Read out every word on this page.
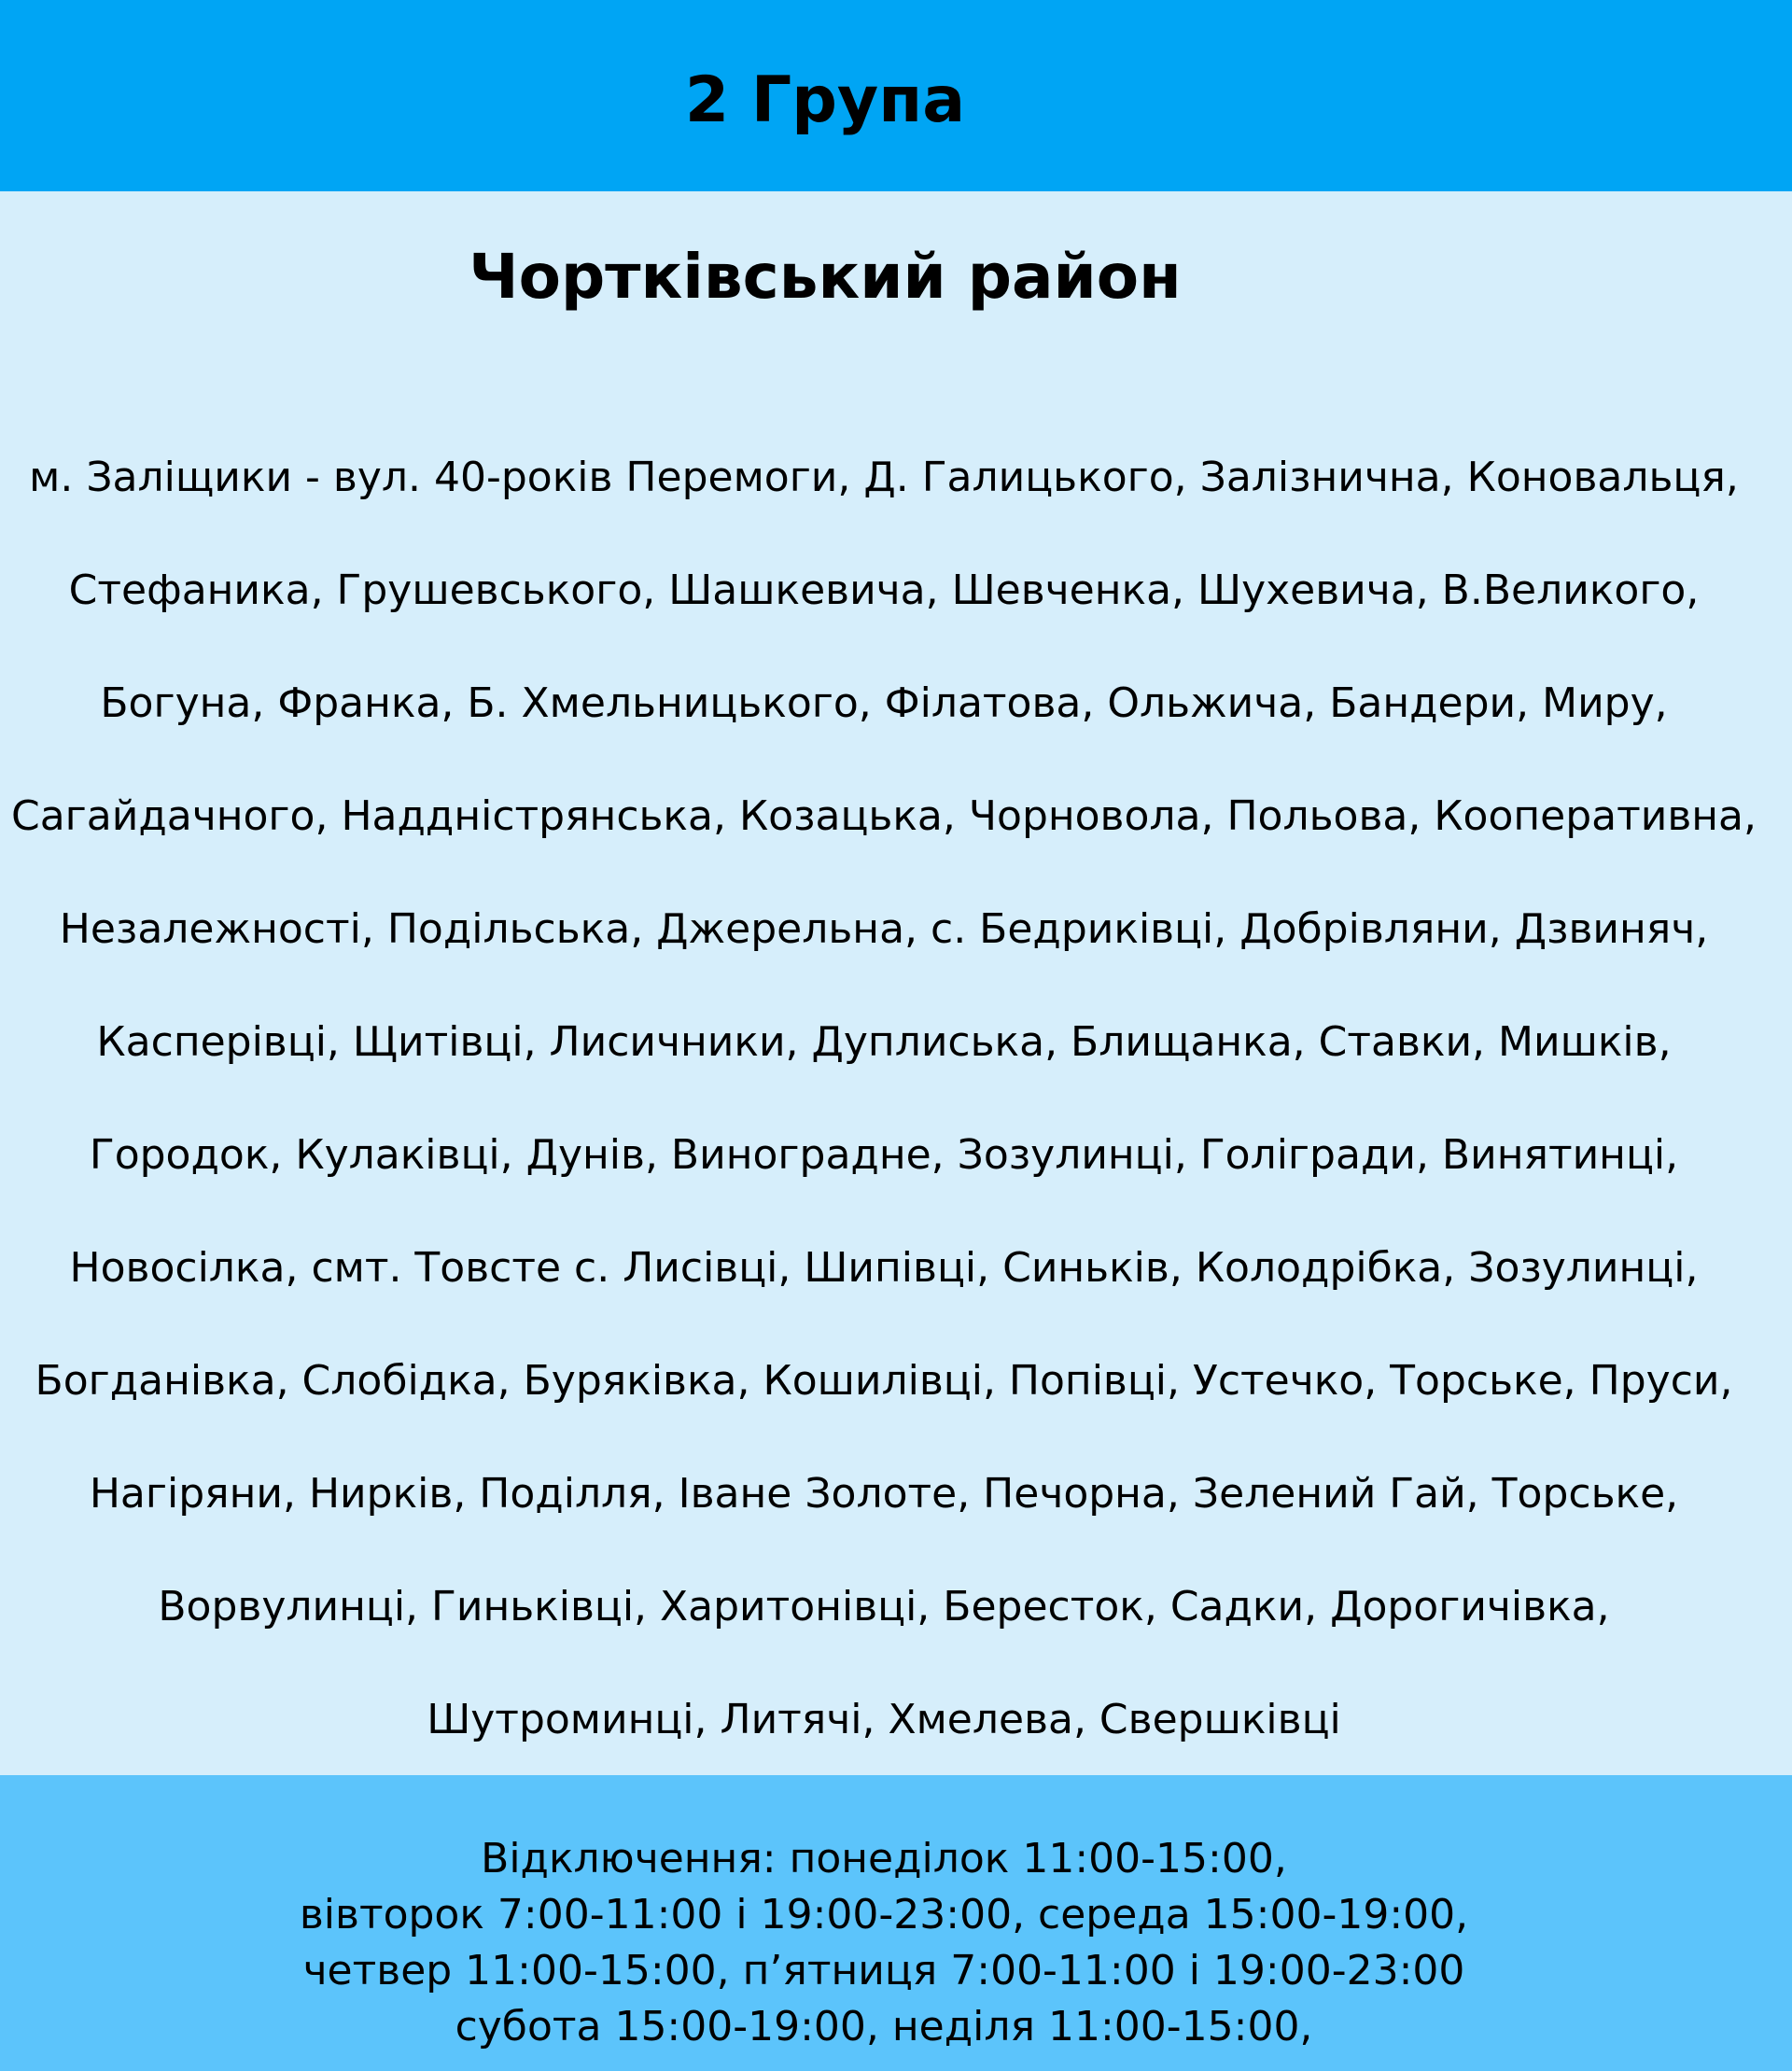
2 Група
Чортківський район
м. Заліщики - вул. 40-років Перемоги, Д. Галицького, Залізнична, Коновальця,
Стефаника, Грушевського, Шашкевича, Шевченка, Шухевича, В.Великого,
Богуна, Франка, Б. Хмельницького, Філатова, Ольжича, Бандери, Миру,
Сагайдачного, Наддністрянська, Козацька, Чорновола, Польова, Кооперативна,
Незалежності, Подільська, Джерельна, с. Бедриківці, Добрівляни, Дзвиняч,
Касперівці, Щитівці, Лисичники, Дуплиська, Блищанка, Ставки, Мишків,
Городок, Кулаківці, Дунів, Виноградне, Зозулинці, Голігради, Винятинці,
Новосілка, смт. Товсте с. Лисівці, Шипівці, Синьків, Колодрібка, Зозулинці,
Богданівка, Слобідка, Буряківка, Кошилівці, Попівці, Устечко, Торське, Пруси,
Нагіряни, Нирків, Поділля, Іване Золоте, Печорна, Зелений Гай, Торське,
Ворвулинці, Гиньківці, Харитонівці, Бересток, Садки, Дорогичівка,
Шутроминці, Литячі, Хмелева, Свершківці
Відключення: понеділок 11:00-15:00,
вівторок 7:00-11:00 і 19:00-23:00, середа 15:00-19:00,
четвер 11:00-15:00, п’ятниця 7:00-11:00 і 19:00-23:00
субота 15:00-19:00, неділя 11:00-15:00,
